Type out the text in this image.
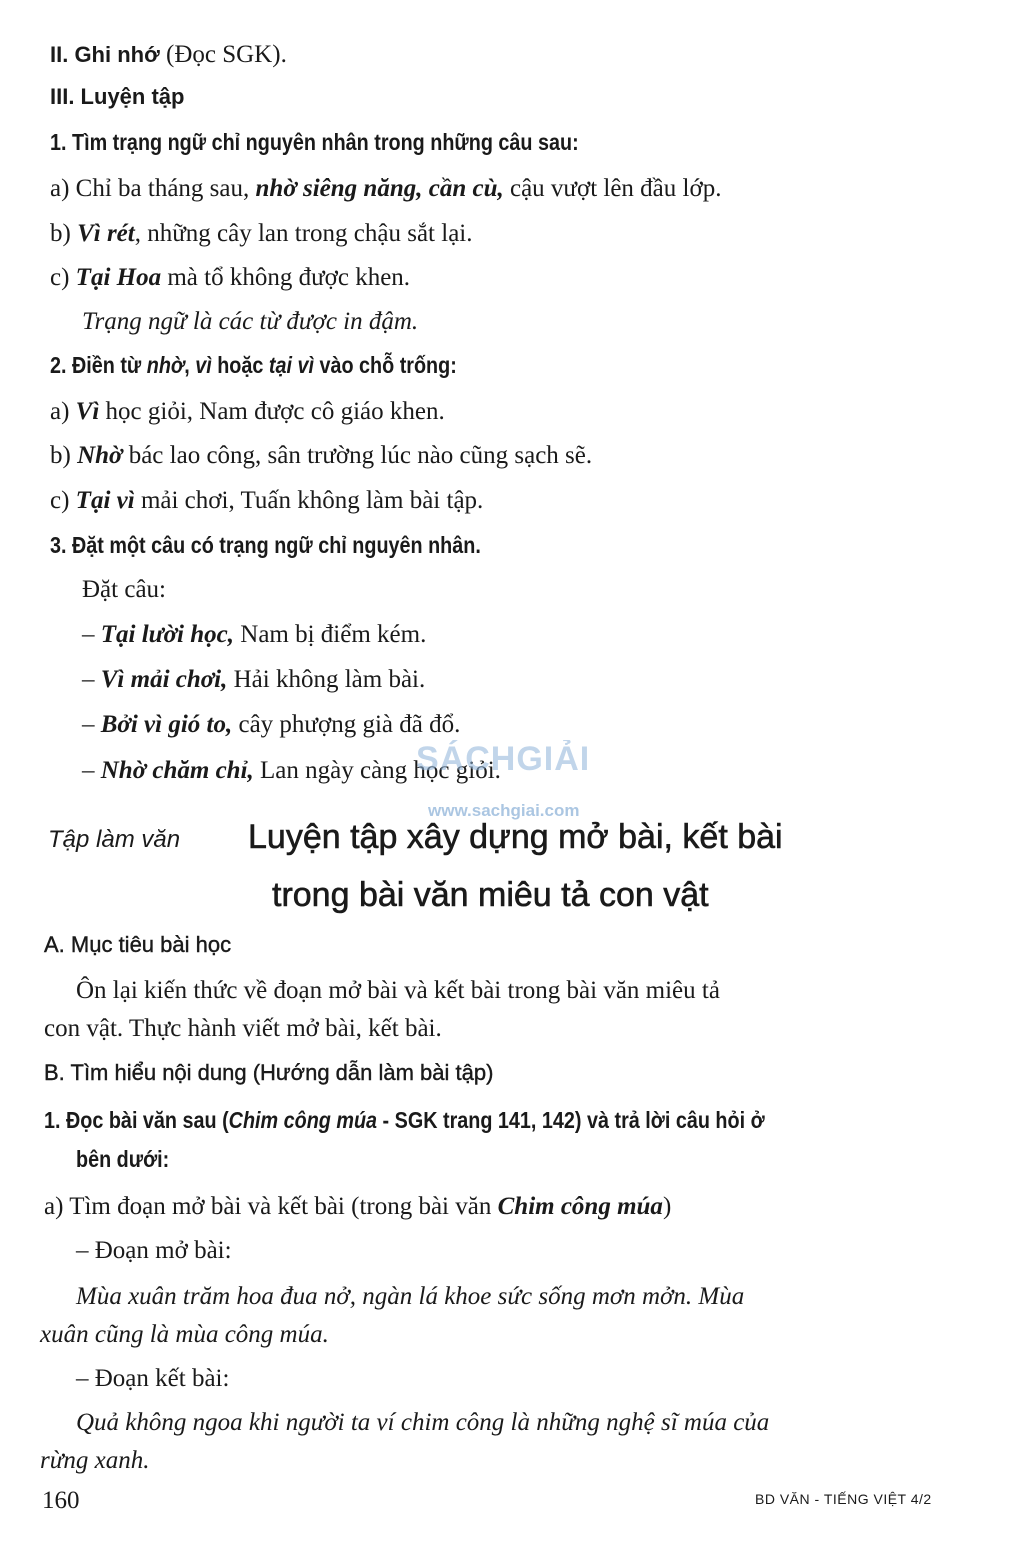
II. Ghi nhớ (Đọc SGK).
III. Luyện tập
1. Tìm trạng ngữ chỉ nguyên nhân trong những câu sau:
a) Chỉ ba tháng sau, nhờ siêng năng, cần cù, cậu vượt lên đầu lớp.
b) Vì rét, những cây lan trong chậu sắt lại.
c) Tại Hoa mà tổ không được khen.
Trạng ngữ là các từ được in đậm.
2. Điền từ nhờ, vì hoặc tại vì vào chỗ trống:
a) Vì học giỏi, Nam được cô giáo khen.
b) Nhờ bác lao công, sân trường lúc nào cũng sạch sẽ.
c) Tại vì mải chơi, Tuấn không làm bài tập.
3. Đặt một câu có trạng ngữ chỉ nguyên nhân.
Đặt câu:
– Tại lười học, Nam bị điểm kém.
– Vì mải chơi, Hải không làm bài.
– Bởi vì gió to, cây phượng già đã đổ.
– Nhờ chăm chỉ, Lan ngày càng học giỏi.
SÁCHGIẢI
www.sachgiai.com
Tập làm văn Luyện tập xây dựng mở bài, kết bài
trong bài văn miêu tả con vật
A. Mục tiêu bài học
Ôn lại kiến thức về đoạn mở bài và kết bài trong bài văn miêu tả
con vật. Thực hành viết mở bài, kết bài.
B. Tìm hiểu nội dung (Hướng dẫn làm bài tập)
1. Đọc bài văn sau (Chim công múa - SGK trang 141, 142) và trả lời câu hỏi ở
bên dưới:
a) Tìm đoạn mở bài và kết bài (trong bài văn Chim công múa)
– Đoạn mở bài:
Mùa xuân trăm hoa đua nở, ngàn lá khoe sức sống mơn mởn. Mùa
xuân cũng là mùa công múa.
– Đoạn kết bài:
Quả không ngoa khi người ta ví chim công là những nghệ sĩ múa của
rừng xanh.
160	BD VĂN - TIẾNG VIỆT 4/2
